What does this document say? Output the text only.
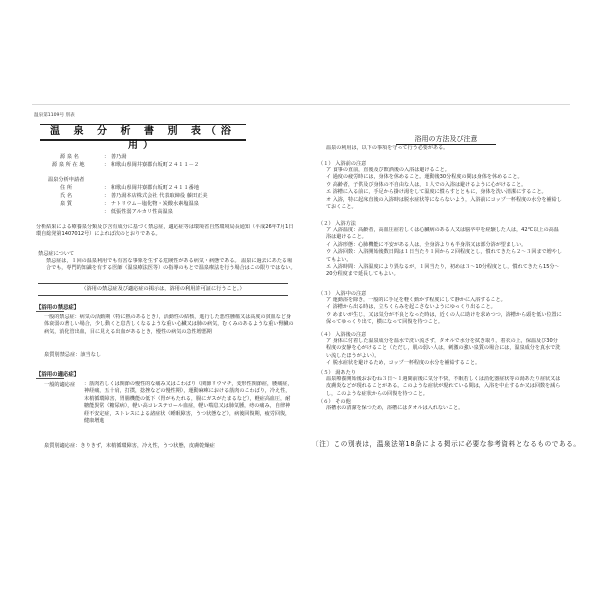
温泉第1109号 別表
温 泉 分 析 書 別 表（浴用）
源 泉 名	： 善乃湯
源 泉 所 在 地	： 和歌山県岡井寮郡台坂町２４１１－２
温泉分析申請者
住 所	： 和歌山県岡井寮郡台坂町２４１１番地
氏 名	： 善乃湯本店株式会社 代表取締役 藤田正美
泉 質	： ナトリウム－塩化物・炭酸水素塩温泉
： 低張性弱アルカリ性高温泉
分析結果による療養泉分類及び含有成分に基づく禁忌症，適応症等は環境省自然環境局長通知（平成26年7月1日 環自総発第1407012号）によれば次のとおりである。
禁忌症について
禁忌症は，１回の温泉利用でも有害な事象を生ずる危険性がある病気・病態である。 温泉に過去にあたる場合でも，専門的知識を有する医師（温泉療法医等）の指導のもとで温泉療法を行う場合はこの限りではない。
（浴用の禁忌症及び適応症の掲示は，浴用の利用許可証に行うこと。）
【浴用の禁忌症】
一般的禁忌症：病気の活動期（特に熱のあるとき），活動性の結核，進行した悪性腫瘍又は高度の貧血など身体衰弱の著しい場合，少し動くと息苦しくなるような重い心臓又は肺の病気，むくみのあるような重い腎臓の病気，消化管出血，目に見える出血があるとき，慢性の病気の急性増悪期
泉質別禁忌症：該当なし
【浴用の適応症】
一般的適応症 ：筋肉若しくは関節の慢性的な痛み又はこわばり（関節リウマチ，変形性関節症，腰痛症，神経痛，五十肩，打撲，捻挫などの慢性期），運動麻痺における筋肉のこわばり，冷え性，末梢循環障害，胃腸機能の低下（胃がもたれる，腸にガスがたまるなど），軽症高血圧，耐糖能異常（糖尿病），軽い高コレステロール血症，軽い喘息又は肺気腫，痔の痛み，自律神経不安定症，ストレスによる諸症状（睡眠障害，うつ状態など），病後回復期，疲労回復，健康増進
泉質別適応症：きりきず，末梢循環障害，冷え性，うつ状態，皮膚乾燥症
浴用の方法及び注意
温泉の利用は，以下の事項を守って行う必要がある。
（１） 入浴前の注意
ア 食事の直前，直後及び飲酒後の入浴は避けること。
イ 過度の疲労時には，身体を休めること。運動後30分程度の間は身体を休めること。
ウ 高齢者，子供及び身体の不自由な人は，１人での入浴は避けるように心がけること。
エ 浴槽に入る前に，手足から掛け湯をして温度に慣らすとともに，身体を洗い清潔にすること。
オ 入浴，特に起床直後の入浴時は脱水症状等にならないよう，入浴前にコップ一杯程度の水分を補給しておくこと。
（２） 入浴方法
ア 入浴温度：高齢者，高血圧症若しくは心臓病のある人又は脳卒中を経験した人は，42℃以上の高温浴は避けること。
イ 入浴形態：心肺機能に不安がある人は，全身浴よりも半身浴又は部分浴が望ましい。
ウ 入浴回数：入浴開始後数日間は１日当たり１回から２回程度とし，慣れてきたら２～３回まで増やしてもよい。
エ 入浴時間：入浴温度により異なるが，１回当たり，初めは３～10分程度とし，慣れてきたら15分～20分程度まで延長してもよい。
（３） 入浴中の注意
ア 運動浴を除き，一般的に手足を軽く動かす程度にして静かに入浴すること。
イ 浴槽から出る時は，立ちくらみを起こさないようにゆっくり出ること。
ウ めまいが生じ，又は気分が不良となった時は，近くの人に助けを求めつつ，浴槽から頭を低い位置に保ってゆっくり出て，横になって回復を待つこと。
（４） 入浴後の注意
ア 身体に付着した温泉成分を温水で洗い流さず，タオルで水分を拭き取り，着衣の上，保温及び30分程度の安静を心がけること（ただし，肌の弱い人は，刺激の強い泉質の場合には，温泉成分を真水で洗い流したほうがよい）。
イ 脱水症状を避けるため，コップ一杯程度の水分を補給すること。
（５） 湯あたり
温泉療養開始後おおむね３日～１週間前後に気分不快，不眠若しくは消化器症状等の湯あたり症状又は皮膚炎などが現れることがある。このような症状が現れている間は，入浴を中止するか又は回数を減らし，このような症状からの回復を待つこと。
（６） その他
浴槽水の清潔を保つため，浴槽にはタオルは入れないこと。
〔注〕この別表は，温泉法第18条による掲示に必要な参考資料となるものである。
